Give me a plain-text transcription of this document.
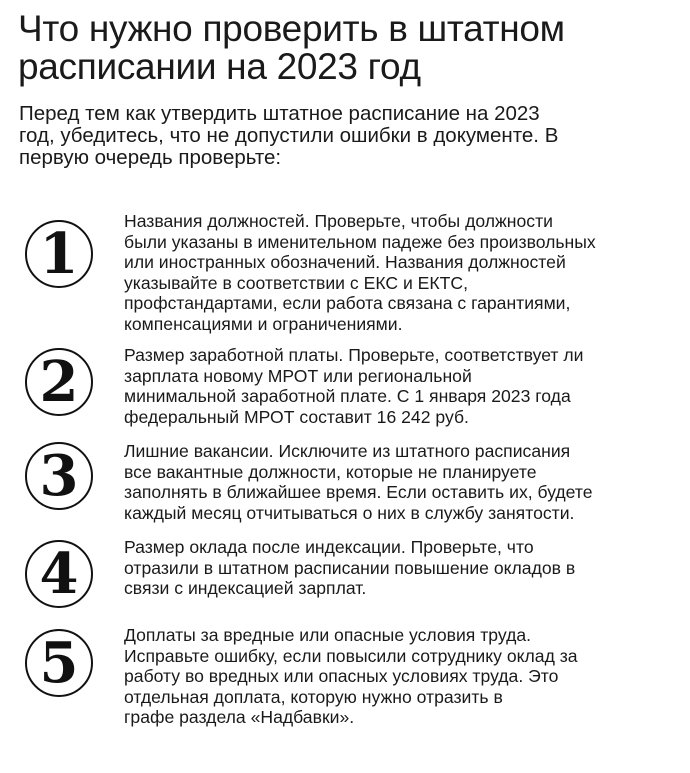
Что нужно проверить в штатном
расписании на 2023 год

Перед тем как утвердить штатное расписание на 2023
год, убедитесь, что не допустили ошибки в документе. В
первую очередь проверьте:

1	Названия должностей. Проверьте, чтобы должности
были указаны в именительном падеже без произвольных
или иностранных обозначений. Названия должностей
указывайте в соответствии с ЕКС и ЕКТС,
профстандартами, если работа связана с гарантиями,
компенсациями и ограничениями.

2	Размер заработной платы. Проверьте, соответствует ли
зарплата новому МРОТ или региональной
минимальной заработной плате. С 1 января 2023 года
федеральный МРОТ составит 16 242 руб.

3	Лишние вакансии. Исключите из штатного расписания
все вакантные должности, которые не планируете
заполнять в ближайшее время. Если оставить их, будете
каждый месяц отчитываться о них в службу занятости.

4	Размер оклада после индексации. Проверьте, что
отразили в штатном расписании повышение окладов в
связи с индексацией зарплат.

5	Доплаты за вредные или опасные условия труда.
Исправьте ошибку, если повысили сотруднику оклад за
работу во вредных или опасных условиях труда. Это
отдельная доплата, которую нужно отразить в
графе раздела «Надбавки».
